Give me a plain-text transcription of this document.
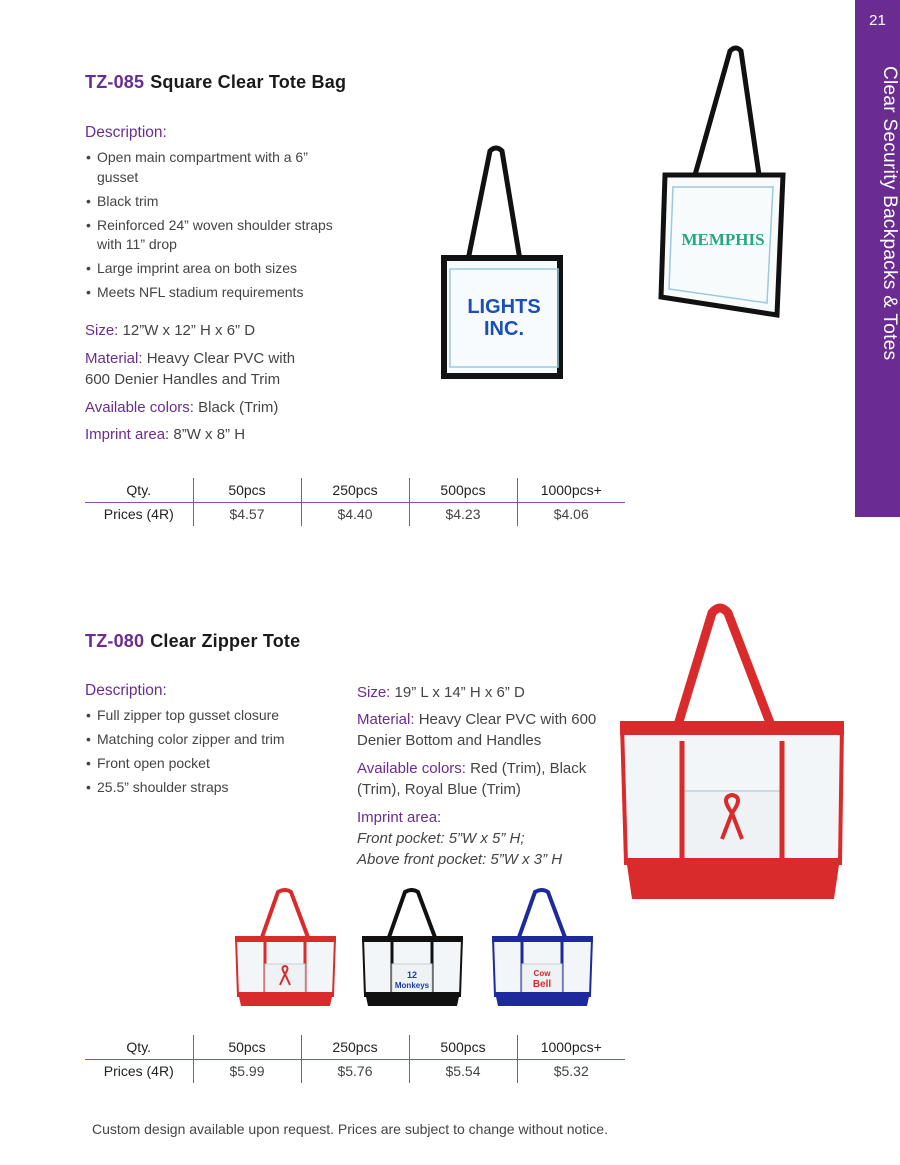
21
Clear Security Backpacks & Totes
TZ-085 Square Clear Tote Bag
Description:
• Open main compartment with a 6” gusset
• Black trim
• Reinforced 24” woven shoulder straps with 11” drop
• Large imprint area on both sizes
• Meets NFL stadium requirements
Size: 12”W x 12” H x 6” D
Material: Heavy Clear PVC with 600 Denier Handles and Trim
Available colors: Black (Trim)
Imprint area: 8”W x 8” H
LIGHTS
INC.
MEMPHIS
Qty.	50pcs	250pcs	500pcs	1000pcs+
Prices (4R)	$4.57	$4.40	$4.23	$4.06
TZ-080 Clear Zipper Tote
Description:
• Full zipper top gusset closure
• Matching color zipper and trim
• Front open pocket
• 25.5” shoulder straps
Size: 19” L x 14” H x 6” D
Material: Heavy Clear PVC with 600 Denier Bottom and Handles
Available colors: Red (Trim), Black (Trim), Royal Blue (Trim)
Imprint area:
Front pocket: 5”W x 5” H;
Above front pocket: 5”W x 3” H
12
Monkeys
Cow
Bell
Qty.	50pcs	250pcs	500pcs	1000pcs+
Prices (4R)	$5.99	$5.76	$5.54	$5.32
Custom design available upon request. Prices are subject to change without notice.
